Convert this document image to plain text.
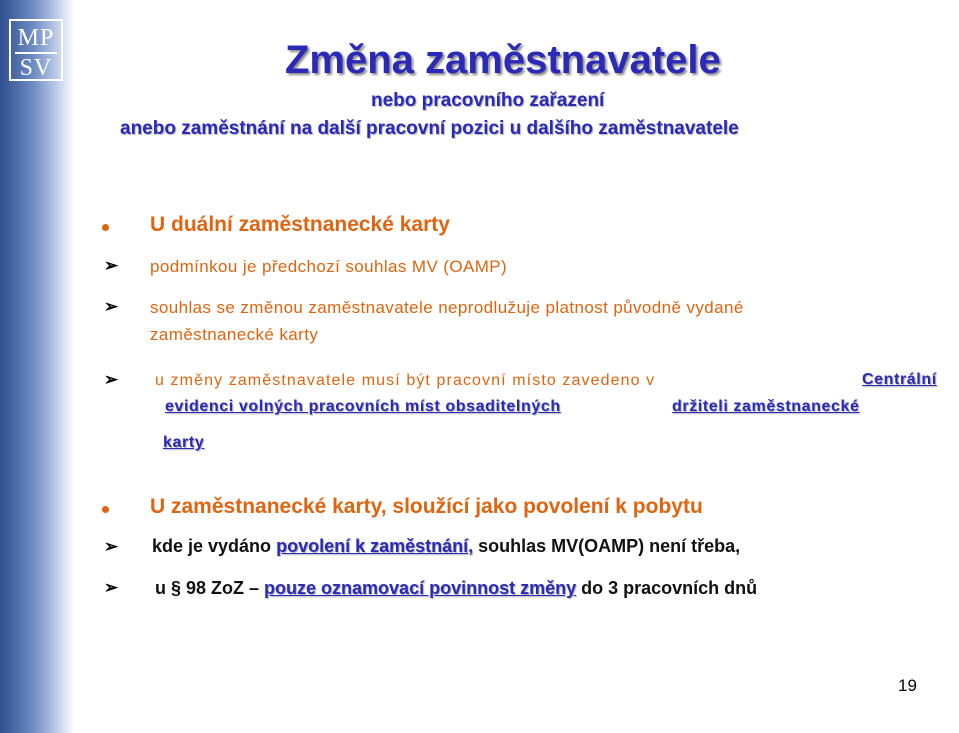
MP
SV	Změna zaměstnavatele
nebo pracovního zařazení
anebo zaměstnání na další pracovní pozici u dalšího zaměstnavatele
U duální zaměstnanecké karty
➢ podmínkou je předchozí souhlas MV (OAMP)
➢ souhlas se změnou zaměstnavatele neprodlužuje platnost původně vydané
zaměstnanecké karty
➢ u změny zaměstnavatele musí být pracovní místo zavedeno v	Centrální
evidenci volných pracovních míst obsaditelných	držiteli zaměstnanecké
karty
U zaměstnanecké karty, sloužící jako povolení k pobytu
➢ kde je vydáno povolení k zaměstnání, souhlas MV(OAMP) není třeba,
➢ u § 98 ZoZ – pouze oznamovací povinnost změny do 3 pracovních dnů
19
